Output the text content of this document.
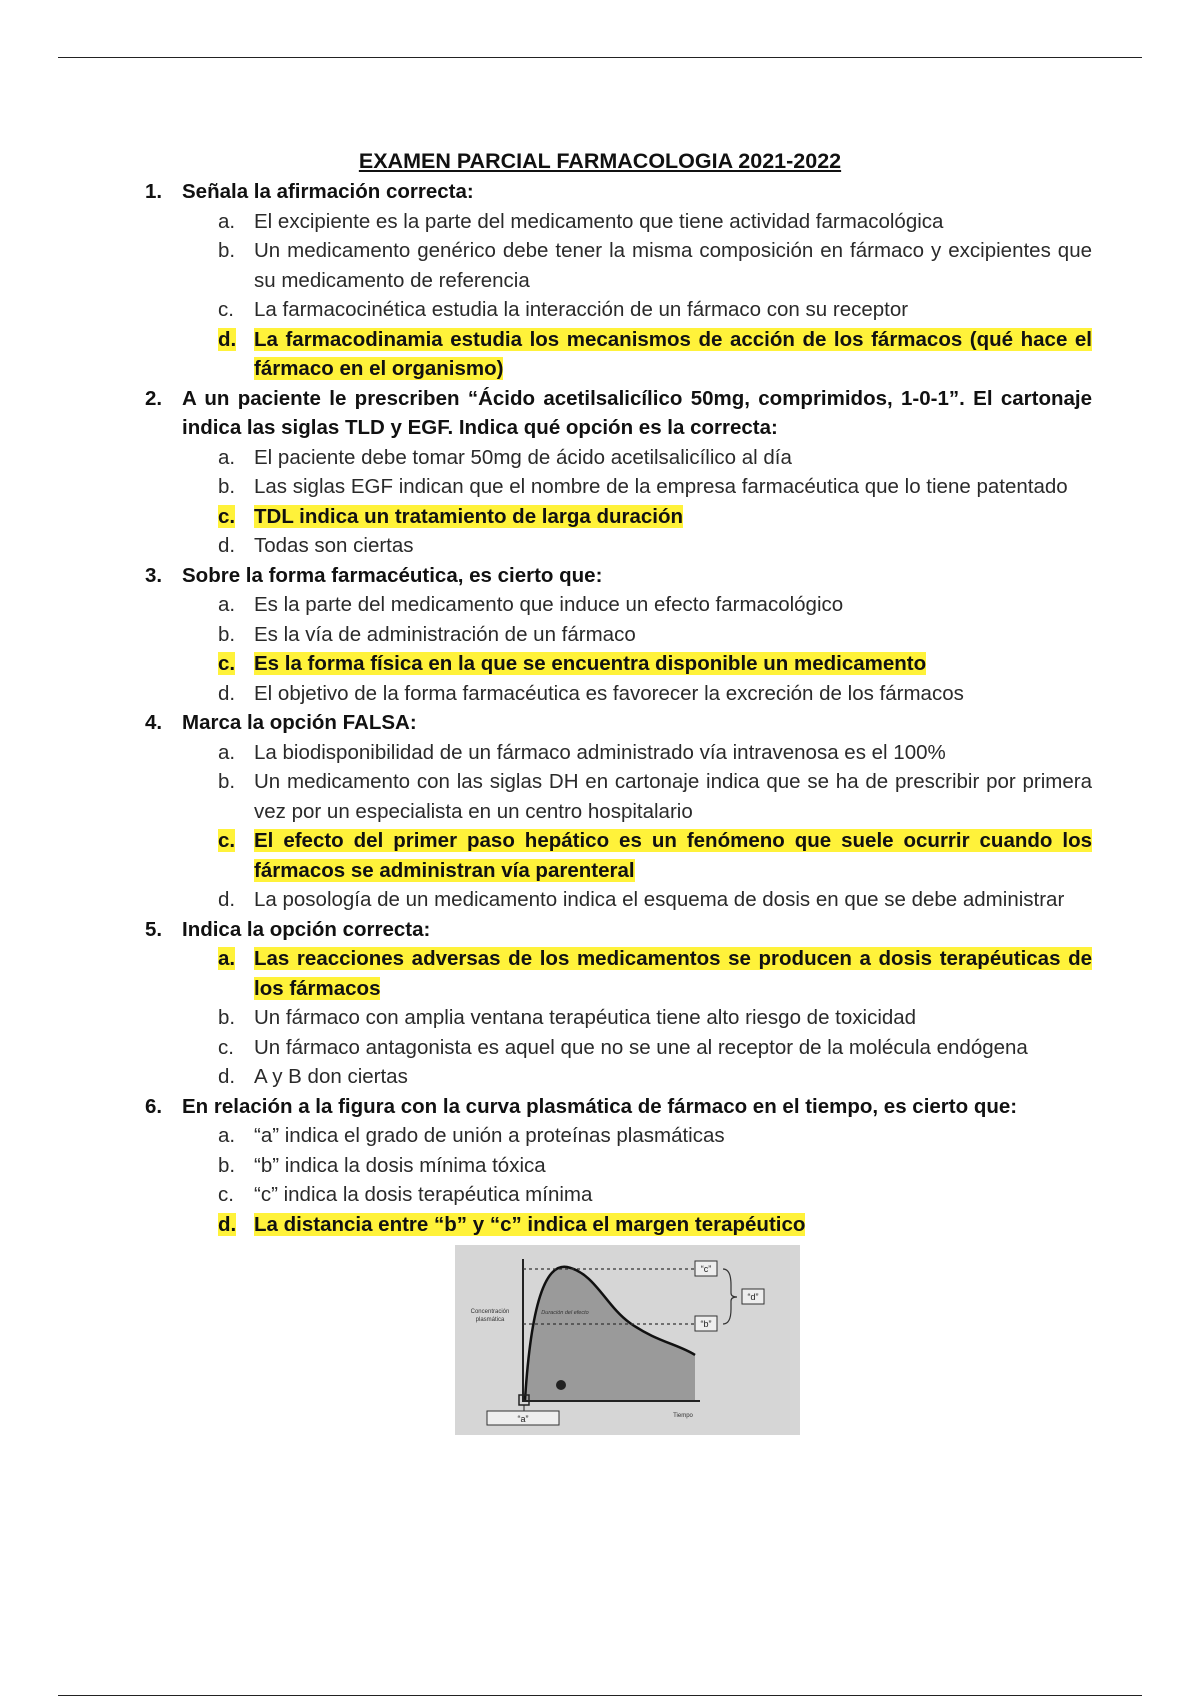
EXAMEN PARCIAL FARMACOLOGIA 2021-2022
1. Señala la afirmación correcta:
a. El excipiente es la parte del medicamento que tiene actividad farmacológica
b. Un medicamento genérico debe tener la misma composición en fármaco y excipientes que su medicamento de referencia
c. La farmacocinética estudia la interacción de un fármaco con su receptor
d. La farmacodinamia estudia los mecanismos de acción de los fármacos (qué hace el fármaco en el organismo)
2. A un paciente le prescriben “Ácido acetilsalicílico 50mg, comprimidos, 1-0-1”. El cartonaje indica las siglas TLD y EGF. Indica qué opción es la correcta:
a. El paciente debe tomar 50mg de ácido acetilsalicílico al día
b. Las siglas EGF indican que el nombre de la empresa farmacéutica que lo tiene patentado
c. TDL indica un tratamiento de larga duración
d. Todas son ciertas
3. Sobre la forma farmacéutica, es cierto que:
a. Es la parte del medicamento que induce un efecto farmacológico
b. Es la vía de administración de un fármaco
c. Es la forma física en la que se encuentra disponible un medicamento
d. El objetivo de la forma farmacéutica es favorecer la excreción de los fármacos
4. Marca la opción FALSA:
a. La biodisponibilidad de un fármaco administrado vía intravenosa es el 100%
b. Un medicamento con las siglas DH en cartonaje indica que se ha de prescribir por primera vez por un especialista en un centro hospitalario
c. El efecto del primer paso hepático es un fenómeno que suele ocurrir cuando los fármacos se administran vía parenteral
d. La posología de un medicamento indica el esquema de dosis en que se debe administrar
5. Indica la opción correcta:
a. Las reacciones adversas de los medicamentos se producen a dosis terapéuticas de los fármacos
b. Un fármaco con amplia ventana terapéutica tiene alto riesgo de toxicidad
c. Un fármaco antagonista es aquel que no se une al receptor de la molécula endógena
d. A y B don ciertas
6. En relación a la figura con la curva plasmática de fármaco en el tiempo, es cierto que:
a. “a” indica el grado de unión a proteínas plasmáticas
b. “b” indica la dosis mínima tóxica
c. “c” indica la dosis terapéutica mínima
d. La distancia entre “b” y “c” indica el margen terapéutico
“c”
“b”
“d”
Concentración
plasmática
Duración del efecto
Tiempo
“a”
